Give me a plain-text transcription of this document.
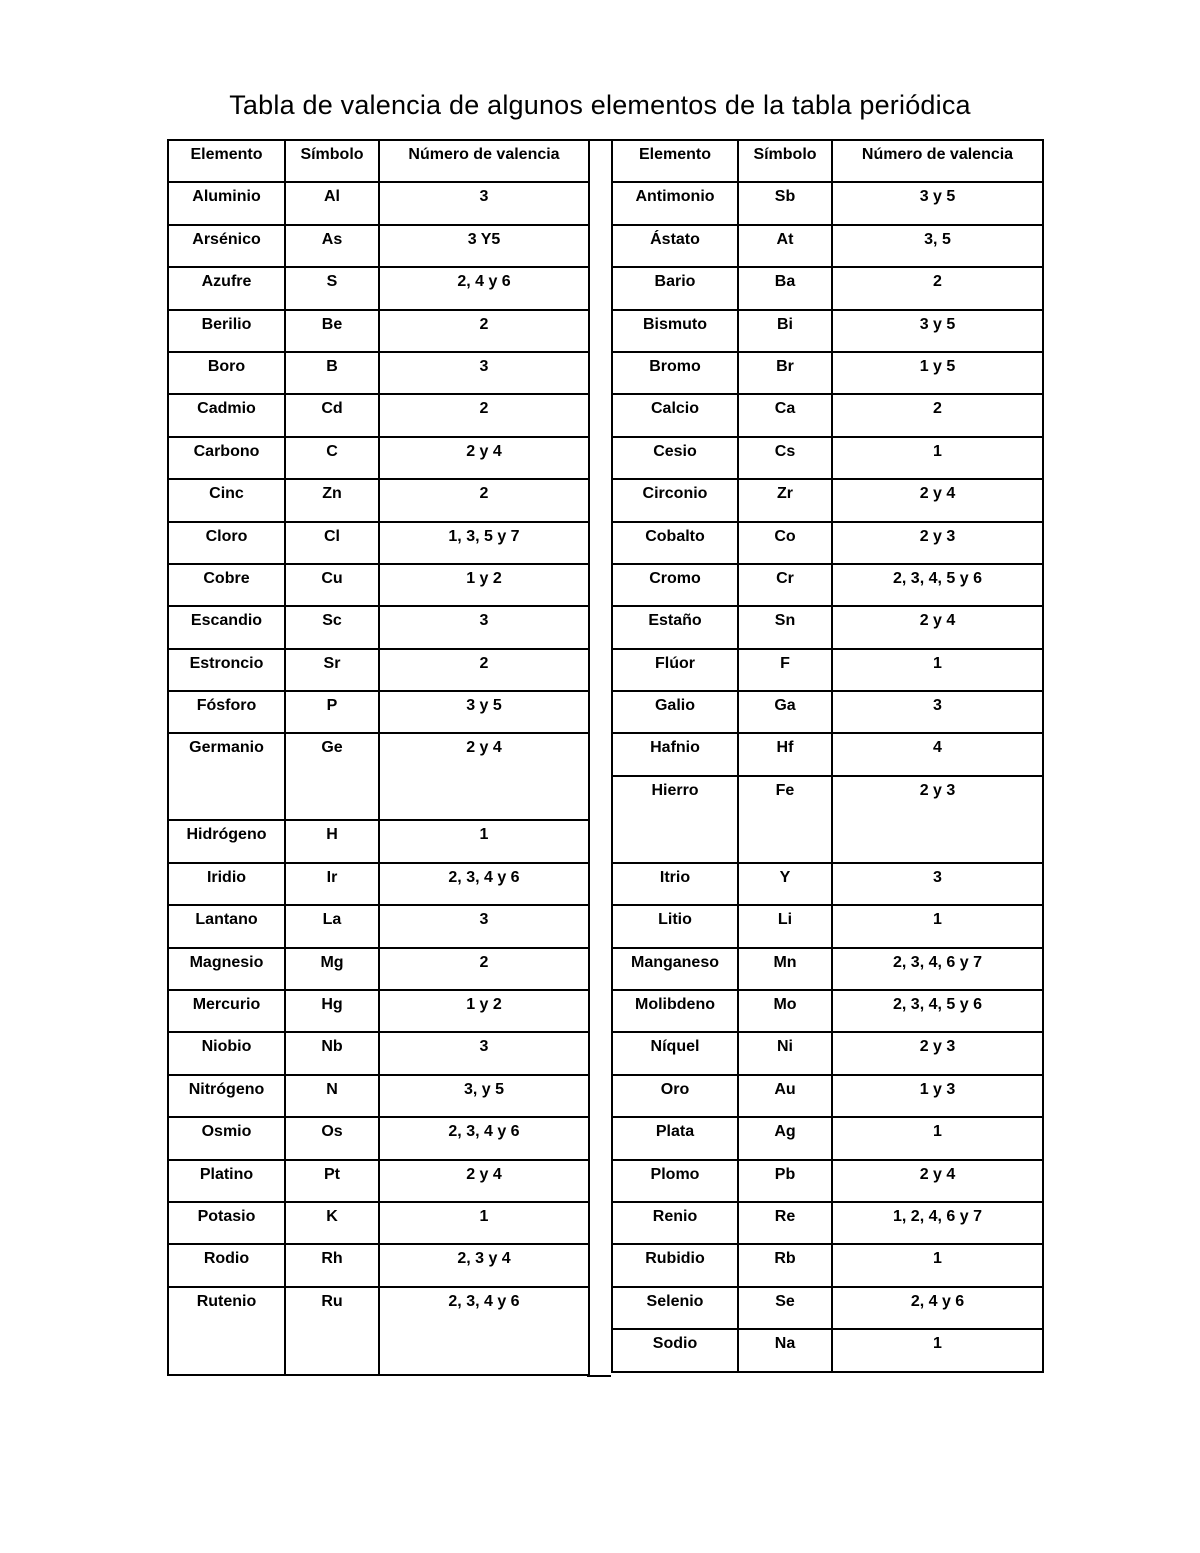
Tabla de valencia de algunos elementos de la tabla periódica
Elemento	Símbolo	Número de valencia

Aluminio	Al	3

Arsénico	As	3 Y5

Azufre	S	2, 4 y 6

Berilio	Be	2

Boro	B	3

Cadmio	Cd	2

Carbono	C	2 y 4

Cinc	Zn	2

Cloro	Cl	1, 3, 5 y 7

Cobre	Cu	1 y 2

Escandio	Sc	3

Estroncio	Sr	2

Fósforo	P	3 y 5

Germanio	Ge	2 y 4

Hidrógeno	H	1

Iridio	Ir	2, 3, 4 y 6

Lantano	La	3

Magnesio	Mg	2

Mercurio	Hg	1 y 2

Niobio	Nb	3

Nitrógeno	N	3, y 5

Osmio	Os	2, 3, 4 y 6

Platino	Pt	2 y 4

Potasio	K	1

Rodio	Rh	2, 3 y 4

Rutenio	Ru	2, 3, 4 y 6
Elemento	Símbolo	Número de valencia

Antimonio	Sb	3 y 5

Ástato	At	3, 5

Bario	Ba	2

Bismuto	Bi	3 y 5

Bromo	Br	1 y 5

Calcio	Ca	2

Cesio	Cs	1

Circonio	Zr	2 y 4

Cobalto	Co	2 y 3

Cromo	Cr	2, 3, 4, 5 y 6

Estaño	Sn	2 y 4

Flúor	F	1

Galio	Ga	3

Hafnio	Hf	4

Hierro	Fe	2 y 3

Itrio	Y	3

Litio	Li	1

Manganeso	Mn	2, 3, 4, 6 y 7

Molibdeno	Mo	2, 3, 4, 5 y 6

Níquel	Ni	2 y 3

Oro	Au	1 y 3

Plata	Ag	1

Plomo	Pb	2 y 4

Renio	Re	1, 2, 4, 6 y 7

Rubidio	Rb	1

Selenio	Se	2, 4 y 6

Sodio	Na	1
